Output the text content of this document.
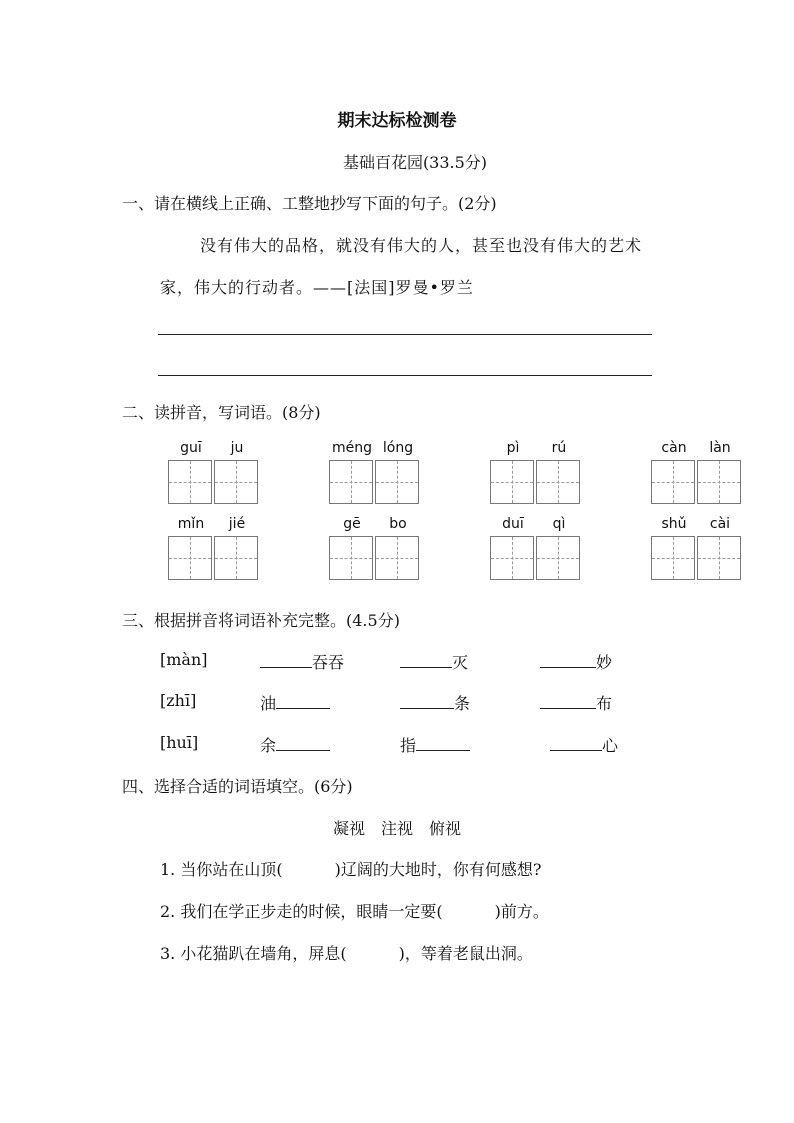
期末达标检测卷
基础百花园(33.5分)
一、请在横线上正确、工整地抄写下面的句子。(2分)
没有伟大的品格，就没有伟大的人，甚至也没有伟大的艺术
家，伟大的行动者。——[法国]罗曼•罗兰
二、读拼音，写词语。(8分)
guī	ju	méng lóng	pì	rú	càn	làn
mǐn	jié	gē	bo	duī	qì	shǔ	cài
三、根据拼音将词语补充完整。(4.5分)
[màn]	吞吞	灭	妙
[zhī]	油	条	布
[huī]	余	指	心
四、选择合适的词语填空。(6分)
凝视　注视　俯视
1. 当你站在山顶(	)辽阔的大地时，你有何感想?
2. 我们在学正步走的时候，眼睛一定要(	)前方。
3. 小花猫趴在墙角，屏息(	)，等着老鼠出洞。
